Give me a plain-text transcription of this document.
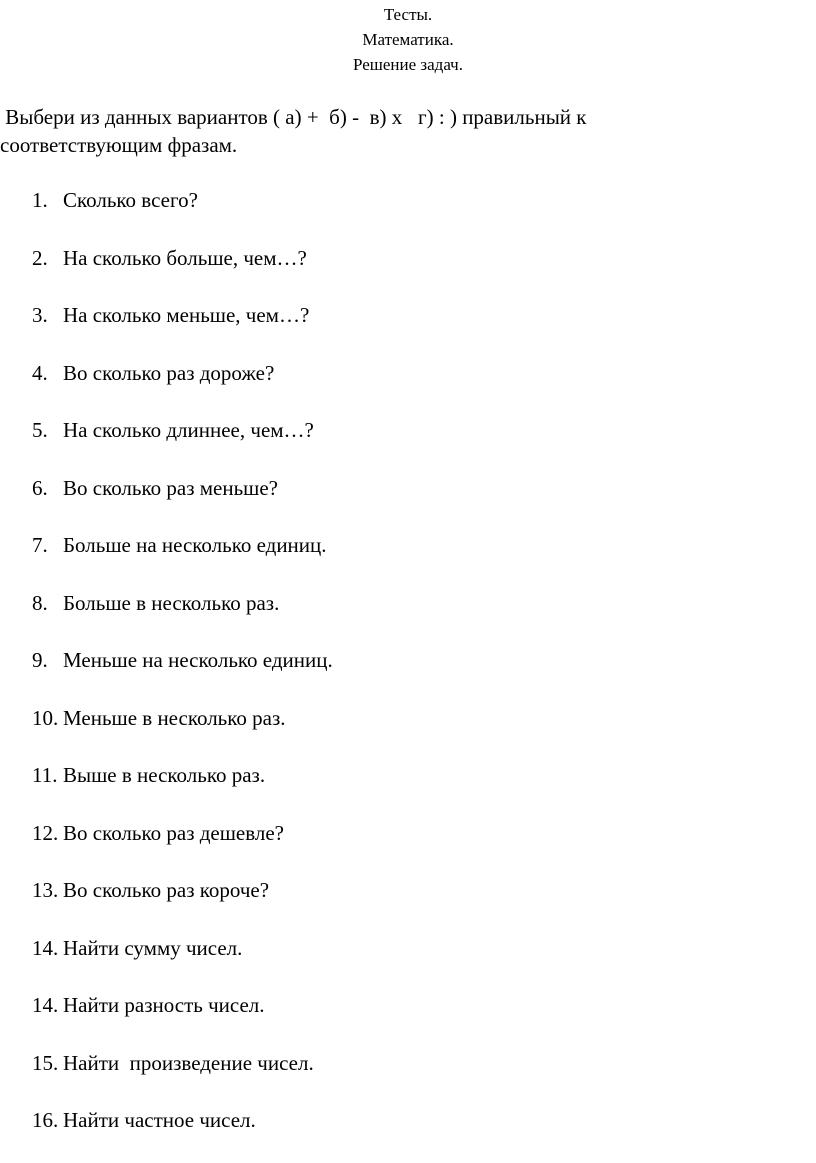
Тесты.
Математика.
Решение задач.
Выбери из данных вариантов ( а) +  б) -  в) х   г) : ) правильный к
соответствующим фразам.
1. Сколько всего?
2. На сколько больше, чем…?
3. На сколько меньше, чем…?
4. Во сколько раз дороже?
5. На сколько длиннее, чем…?
6. Во сколько раз меньше?
7. Больше на несколько единиц.
8. Больше в несколько раз.
9. Меньше на несколько единиц.
10. Меньше в несколько раз.
11. Выше в несколько раз.
12. Во сколько раз дешевле?
13. Во сколько раз короче?
14. Найти сумму чисел.
14. Найти разность чисел.
15. Найти  произведение чисел.
16. Найти частное чисел.
